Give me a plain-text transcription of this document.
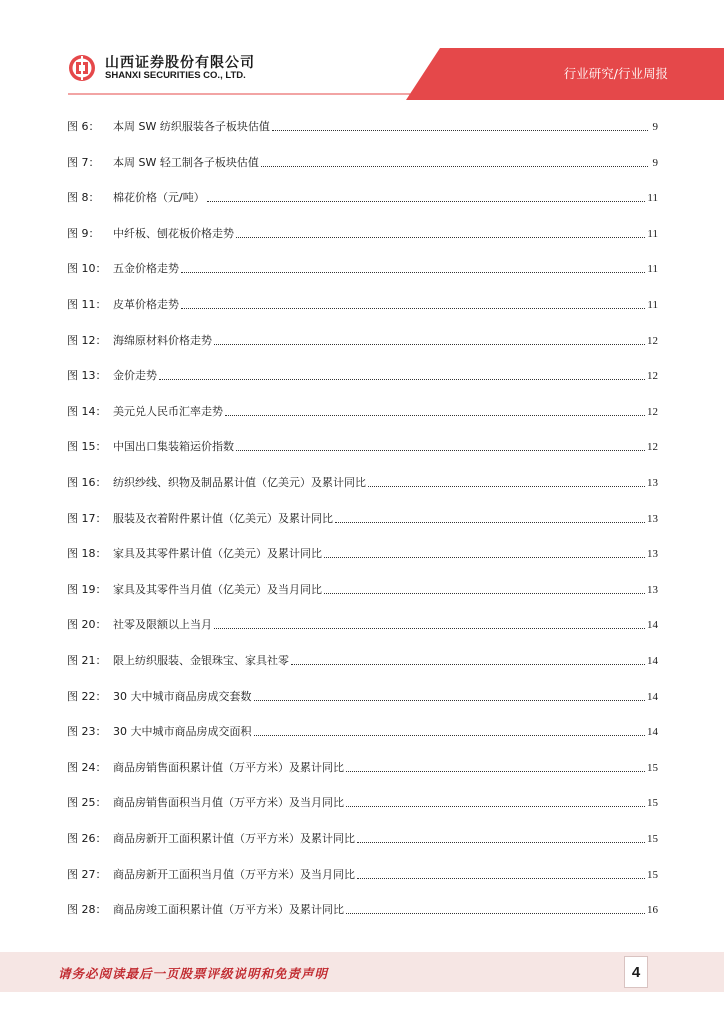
山西证券股份有限公司
SHANXI SECURITIES CO., LTD.	行业研究/行业周报
图 6：	本周 SW 纺织服装各子板块估值	9
图 7：	本周 SW 轻工制各子板块估值	9
图 8：	棉花价格（元/吨）	11
图 9：	中纤板、刨花板价格走势	11
图 10： 五金价格走势	11
图 11： 皮革价格走势	11
图 12： 海绵原材料价格走势	12
图 13： 金价走势	12
图 14： 美元兑人民币汇率走势	12
图 15： 中国出口集装箱运价指数	12
图 16： 纺织纱线、织物及制品累计值（亿美元）及累计同比	13
图 17： 服装及衣着附件累计值（亿美元）及累计同比	13
图 18： 家具及其零件累计值（亿美元）及累计同比	13
图 19： 家具及其零件当月值（亿美元）及当月同比	13
图 20： 社零及限额以上当月	14
图 21： 限上纺织服装、金银珠宝、家具社零	14
图 22： 30 大中城市商品房成交套数	14
图 23： 30 大中城市商品房成交面积	14
图 24： 商品房销售面积累计值（万平方米）及累计同比	15
图 25： 商品房销售面积当月值（万平方米）及当月同比	15
图 26： 商品房新开工面积累计值（万平方米）及累计同比	15
图 27： 商品房新开工面积当月值（万平方米）及当月同比	15
图 28： 商品房竣工面积累计值（万平方米）及累计同比	16
请务必阅读最后一页股票评级说明和免责声明	4
